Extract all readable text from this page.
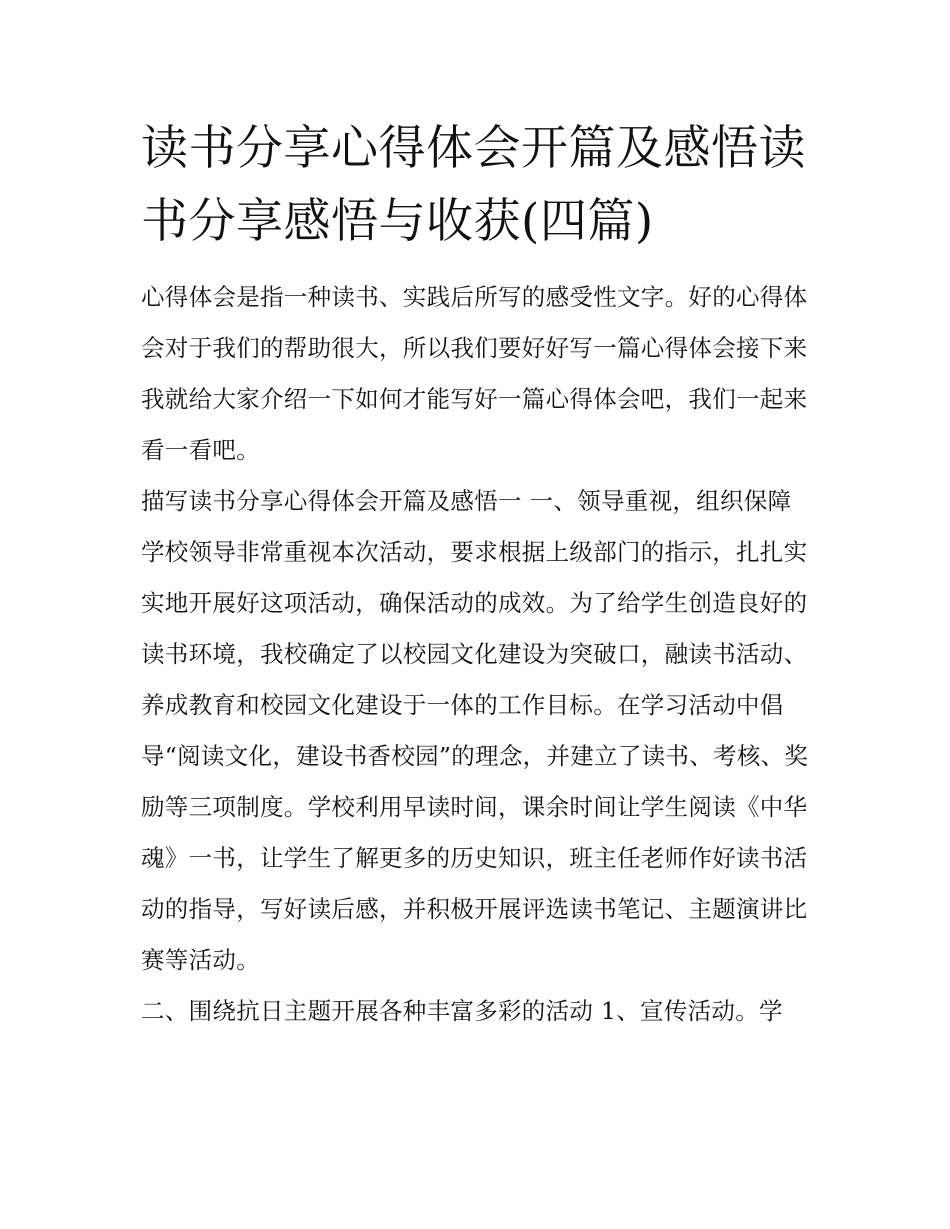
读书分享心得体会开篇及感悟读书分享感悟与收获(四篇)

心得体会是指一种读书、实践后所写的感受性文字。好的心得体会对于我们的帮助很大，所以我们要好好写一篇心得体会接下来我就给大家介绍一下如何才能写好一篇心得体会吧，我们一起来看一看吧。

描写读书分享心得体会开篇及感悟一 一、领导重视，组织保障

学校领导非常重视本次活动，要求根据上级部门的指示，扎扎实实地开展好这项活动，确保活动的成效。为了给学生创造良好的读书环境，我校确定了以校园文化建设为突破口，融读书活动、养成教育和校园文化建设于一体的工作目标。在学习活动中倡导“阅读文化，建设书香校园”的理念，并建立了读书、考核、奖励等三项制度。学校利用早读时间，课余时间让学生阅读《中华魂》一书，让学生了解更多的历史知识，班主任老师作好读书活动的指导，写好读后感，并积极开展评选读书笔记、主题演讲比赛等活动。

二、围绕抗日主题开展各种丰富多彩的活动 1、宣传活动。学
